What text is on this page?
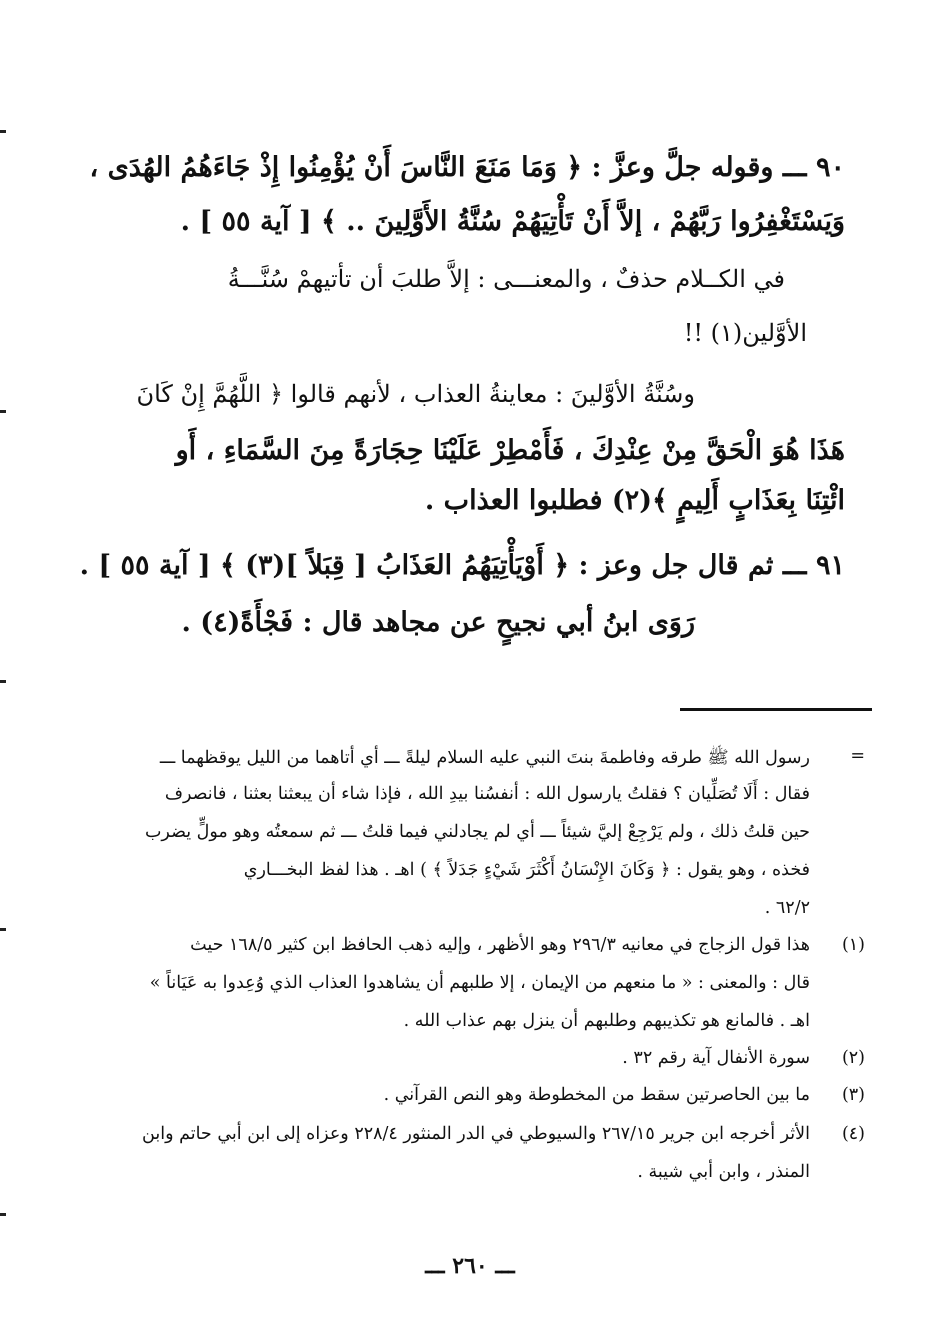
٩٠ ـــ وقوله جلَّ وعزَّ : ﴿ وَمَا مَنَعَ النَّاسَ أَنْ يُؤْمِنُوا إِذْ جَاءَهُمُ الهُدَى ،
وَيَسْتَغْفِرُوا رَبَّهُمْ ، إلاَّ أَنْ تَأْتِيَهُمْ سُنَّةُ الأَوَّلِينَ .. ﴾ [ آية ٥٥ ] .
في الكــلام حذفٌ ، والمعنـــى : إلاَّ طلبَ أن تأتيهمْ سُنَّـــةُ
الأوَّلين(١) !!
وسُنَّةُ الأوَّلينَ : معاينةُ العذاب ، لأنهم قالوا ﴿ اللَّهُمَّ إِنْ كَانَ
هَذَا هُوَ الْحَقَّ مِنْ عِنْدِكَ ، فَأَمْطِرْ عَلَيْنَا حِجَارَةً مِنَ السَّمَاءِ ، أَو
ائْتِنَا بِعَذَابٍ أَلِيمٍ ﴾(٢) فطلبوا العذاب .
٩١ ـــ ثم قال جل وعز : ﴿ أَوْيَأْتِيَهُمُ العَذَابُ [ قِبَلاً ](٣) ﴾ [ آية ٥٥ ] .
رَوَى ابنُ أبي نجيحٍ عن مجاهد قال : فَجْأَةً(٤) .
=
رسول الله ﷺ طرقه وفاطمةَ بنتَ النبي عليه السلام ليلةً ـــ أي أتاهما من الليل يوقظهما ـــ
فقال : أَلَا تُصَلِّيان ؟ فقلتُ يارسول الله : أنفسُنا بيدِ الله ، فإذا شاء أن يبعثنا بعثنا ، فانصرف
حين قلتُ ذلك ، ولم يَرْجِعْ إليَّ شيئاً ـــ أي لم يجادلني فيما قلتُ ـــ ثم سمعتُه وهو مولٍّ يضرب
فخذه ، وهو يقول : ﴿ وَكَانَ الإِنْسَانُ أَكْثَرَ شَيْءٍ جَدَلاً ﴾ ) اهـ . هذا لفظ البخـــاري
٦٢/٢ .
(١)
هذا قول الزجاج في معانيه ٢٩٦/٣ وهو الأظهر ، وإليه ذهب الحافظ ابن كثير ١٦٨/٥ حيث
قال : والمعنى : « ما منعهم من الإيمان ، إلا طلبهم أن يشاهدوا العذاب الذي وُعِدوا به عَيَاناً »
اهـ . فالمانع هو تكذيبهم وطلبهم أن ينزل بهم عذاب الله .
(٢)
سورة الأنفال آية رقم ٣٢ .
(٣)
ما بين الحاصرتين سقط من المخطوطة وهو النص القرآني .
(٤)
الأثر أخرجه ابن جرير ٢٦٧/١٥ والسيوطي في الدر المنثور ٢٢٨/٤ وعزاه إلى ابن أبي حاتم وابن
المنذر ، وابن أبي شيبة .
ـــ ٢٦٠ ـــ
